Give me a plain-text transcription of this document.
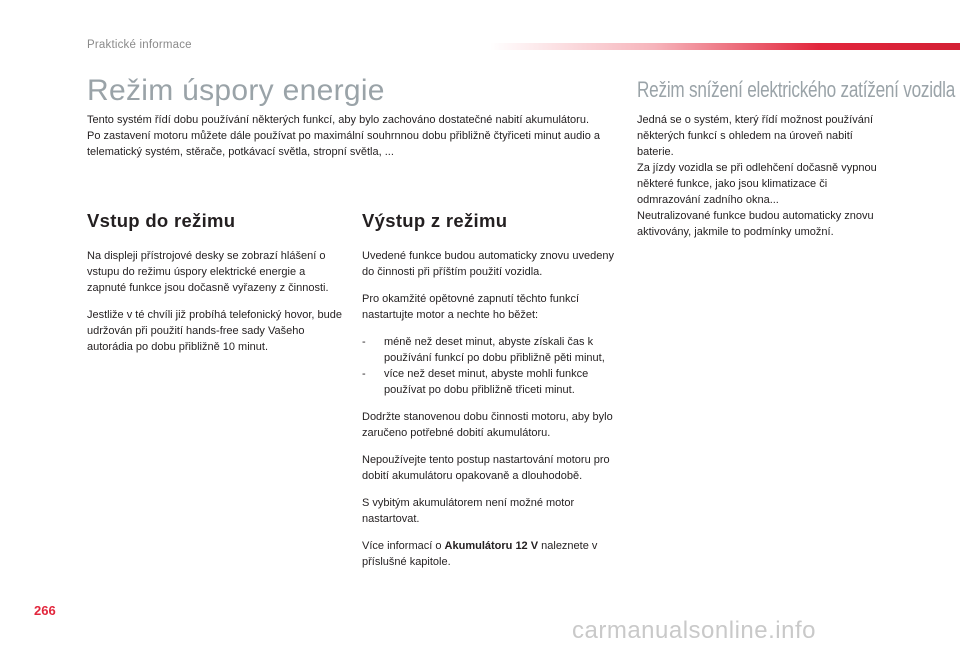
Praktické informace
Režim úspory energie	Režim snížení elektrického zatížení vozidla

Tento systém řídí dobu používání některých funkcí, aby bylo zachováno dostatečné nabití akumulátoru.

Po zastavení motoru můžete dále používat po maximální souhrnnou dobu přibližně čtyřiceti minut audio a telematický systém, stěrače, potkávací světla, stropní světla, ...

Vstup do režimu

Na displeji přístrojové desky se zobrazí hlášení o vstupu do režimu úspory elektrické energie a zapnuté funkce jsou dočasně vyřazeny z činnosti.

Jestliže v té chvíli již probíhá telefonický hovor, bude udržován při použití hands-free sady Vašeho autorádia po dobu přibližně 10 minut.

Výstup z režimu

Uvedené funkce budou automaticky znovu uvedeny do činnosti při příštím použití vozidla.

Pro okamžité opětovné zapnutí těchto funkcí nastartujte motor a nechte ho běžet:

-	méně než deset minut, abyste získali čas k používání funkcí po dobu přibližně pěti minut,
-	více než deset minut, abyste mohli funkce používat po dobu přibližně třiceti minut.

Dodržte stanovenou dobu činnosti motoru, aby bylo zaručeno potřebné dobití akumulátoru.

Nepoužívejte tento postup nastartování motoru pro dobití akumulátoru opakovaně a dlouhodobě.

S vybitým akumulátorem není možné motor nastartovat.

Více informací o Akumulátoru 12 V naleznete v příslušné kapitole.

Jedná se o systém, který řídí možnost používání některých funkcí s ohledem na úroveň nabití baterie.

Za jízdy vozidla se při odlehčení dočasně vypnou některé funkce, jako jsou klimatizace či odmrazování zadního okna...

Neutralizované funkce budou automaticky znovu aktivovány, jakmile to podmínky umožní.

266
carmanualsonline.info
